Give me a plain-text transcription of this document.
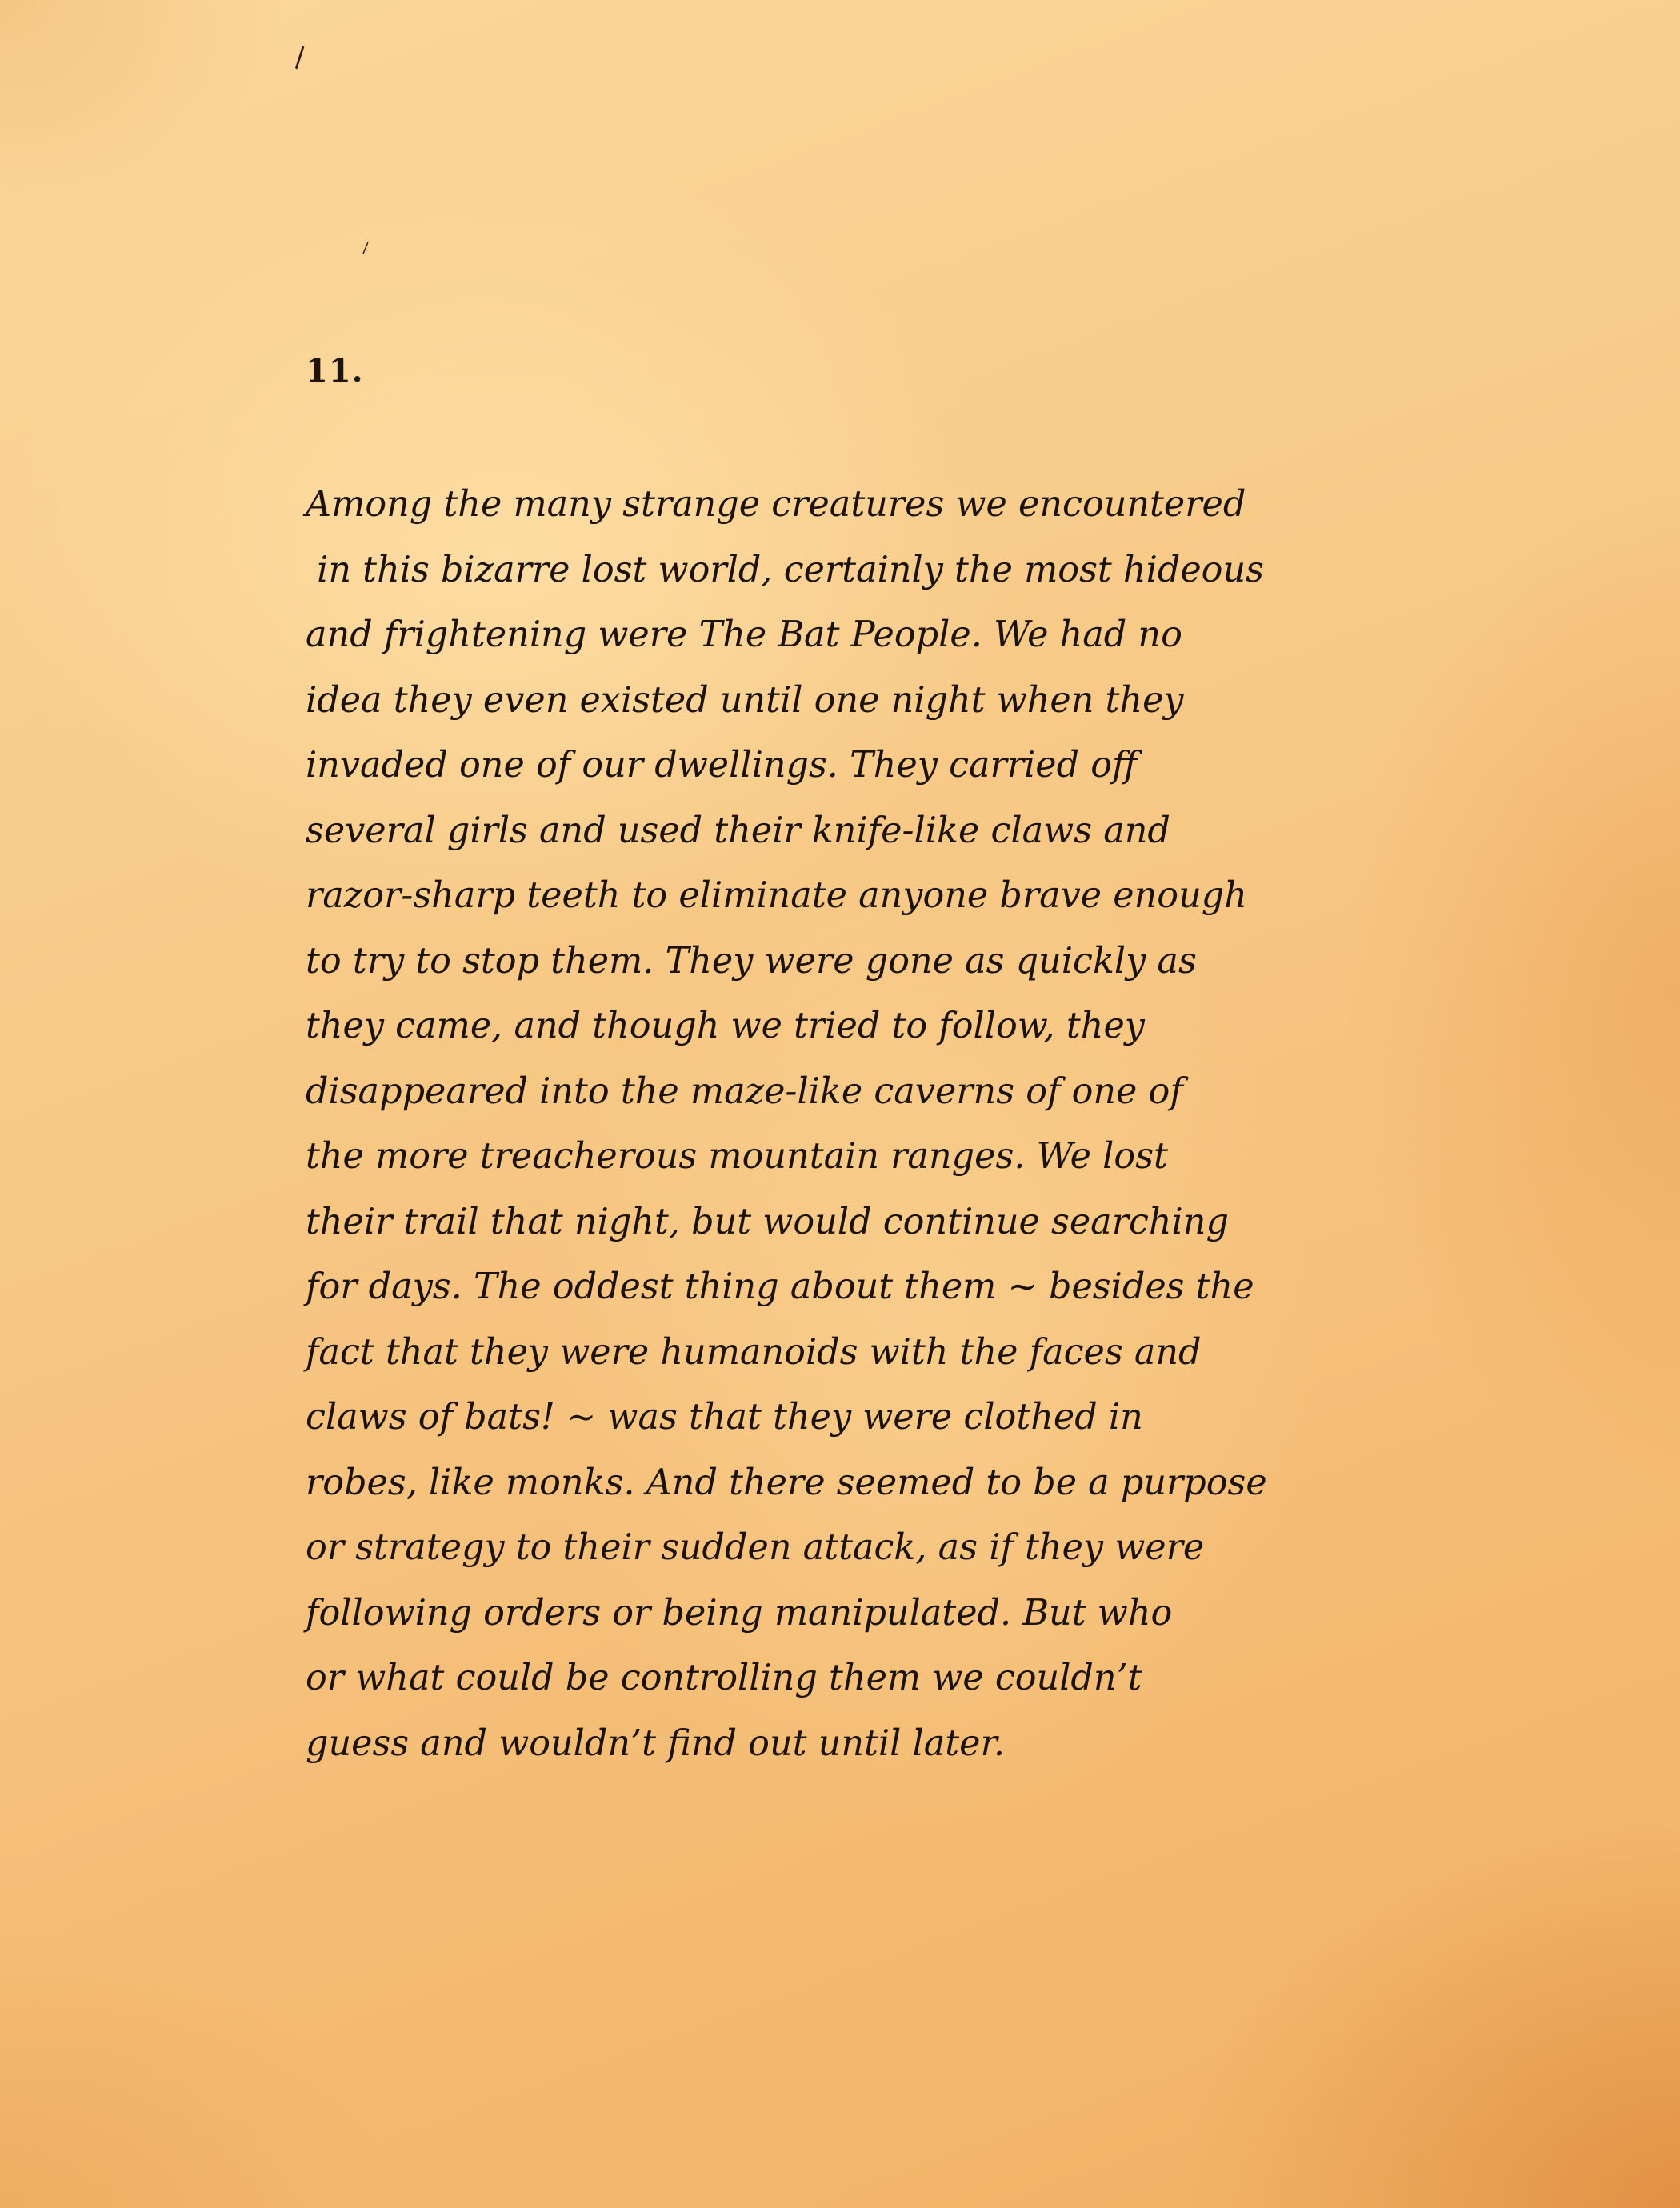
∖
∖
11.
Among the many strange creatures we encountered
in this bizarre lost world, certainly the most hideous
and frightening were The Bat People. We had no
idea they even existed until one night when they
invaded one of our dwellings. They carried off
several girls and used their knife-like claws and
razor-sharp teeth to eliminate anyone brave enough
to try to stop them. They were gone as quickly as
they came, and though we tried to follow, they
disappeared into the maze-like caverns of one of
the more treacherous mountain ranges. We lost
their trail that night, but would continue searching
for days. The oddest thing about them ~ besides the
fact that they were humanoids with the faces and
claws of bats! ~ was that they were clothed in
robes, like monks. And there seemed to be a purpose
or strategy to their sudden attack, as if they were
following orders or being manipulated. But who
or what could be controlling them we couldn’t
guess and wouldn’t find out until later.
